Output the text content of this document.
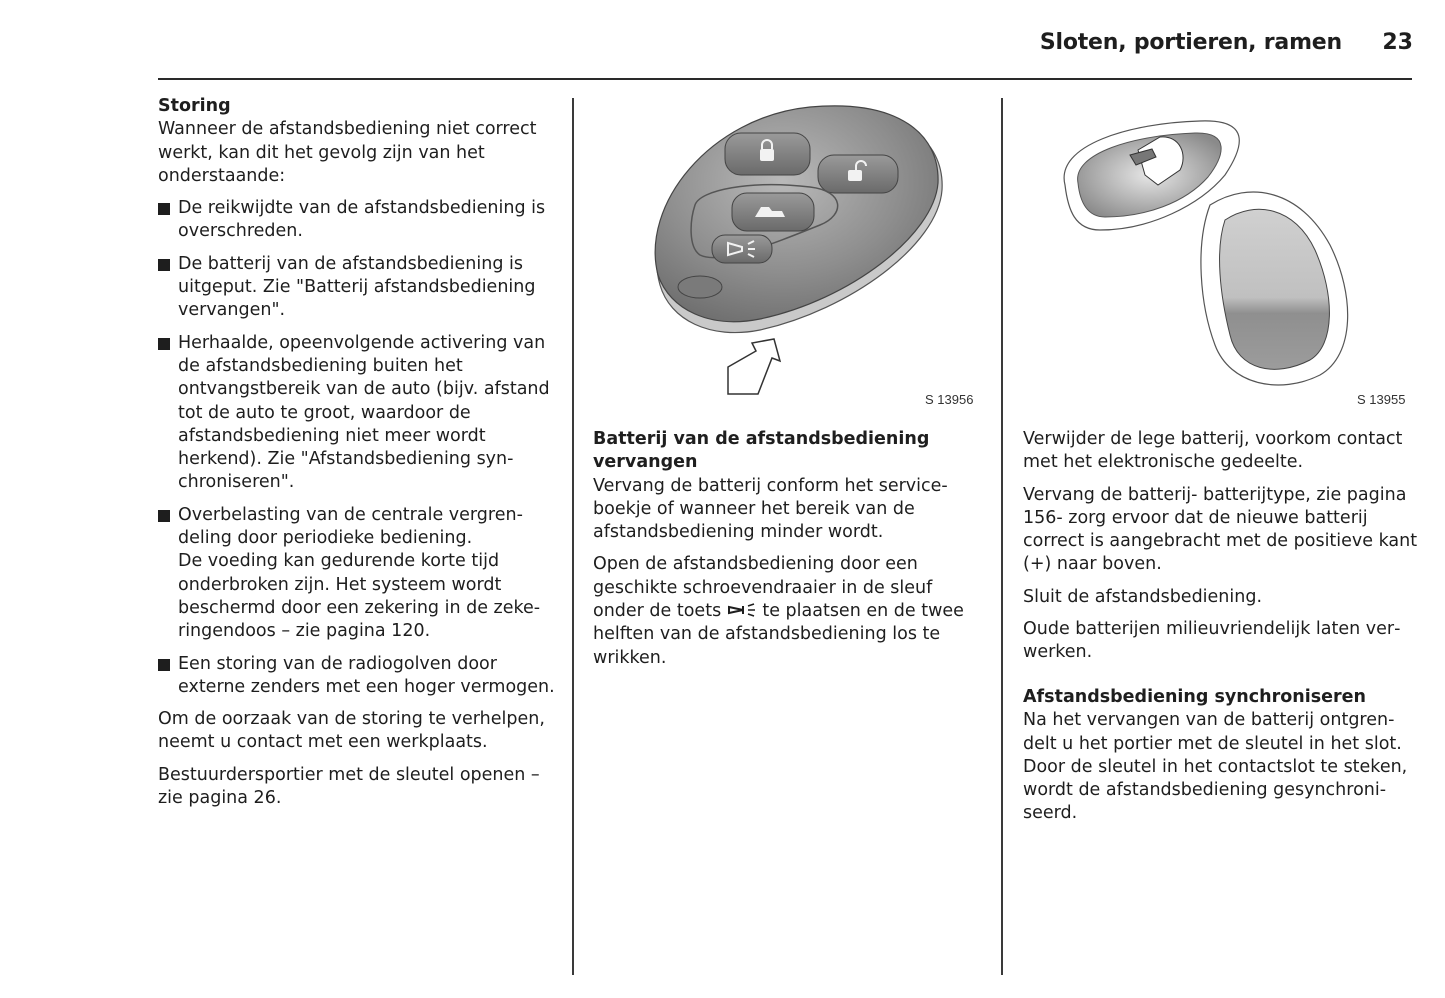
Sloten, portieren, ramen 23
Storing

Wanneer de afstandsbediening niet correct werkt, kan dit het gevolg zijn van het onderstaande:

De reikwijdte van de afstandsbediening is overschreden.
De batterij van de afstandsbediening is uitgeput. Zie "Batterij afstandsbediening vervangen".
Herhaalde, opeenvolgende activering van de afstandsbediening buiten het ontvangstbereik van de auto (bijv. afstand tot de auto te groot, waardoor de afstandsbediening niet meer wordt herkend). Zie "Afstandsbediening synchroniseren".
Overbelasting van de centrale vergrendeling door periodieke bediening.
De voeding kan gedurende korte tijd onderbroken zijn. Het systeem wordt beschermd door een zekering in de zekeringendoos – zie pagina 120.
Een storing van de radiogolven door externe zenders met een hoger vermogen.

Om de oorzaak van de storing te verhelpen, neemt u contact met een werkplaats.

Bestuurdersportier met de sleutel openen – zie pagina 26.

S 13956	S 13955
Batterij van de afstandsbediening vervangen

Vervang de batterij conform het serviceboekje of wanneer het bereik van de afstandsbediening minder wordt.

Open de afstandsbediening door een geschikte schroevendraaier in de sleuf onder de toets te plaatsen en de twee helften van de afstandsbediening los te wrikken.

Verwijder de lege batterij, voorkom contact met het elektronische gedeelte.

Vervang de batterij- batterijtype, zie pagina 156- zorg ervoor dat de nieuwe batterij correct is aangebracht met de positieve kant (+) naar boven.

Sluit de afstandsbediening.

Oude batterijen milieuvriendelijk laten verwerken.

Afstandsbediening synchroniseren

Na het vervangen van de batterij ontgrendelt u het portier met de sleutel in het slot. Door de sleutel in het contactslot te steken, wordt de afstandsbediening gesynchroniseerd.
